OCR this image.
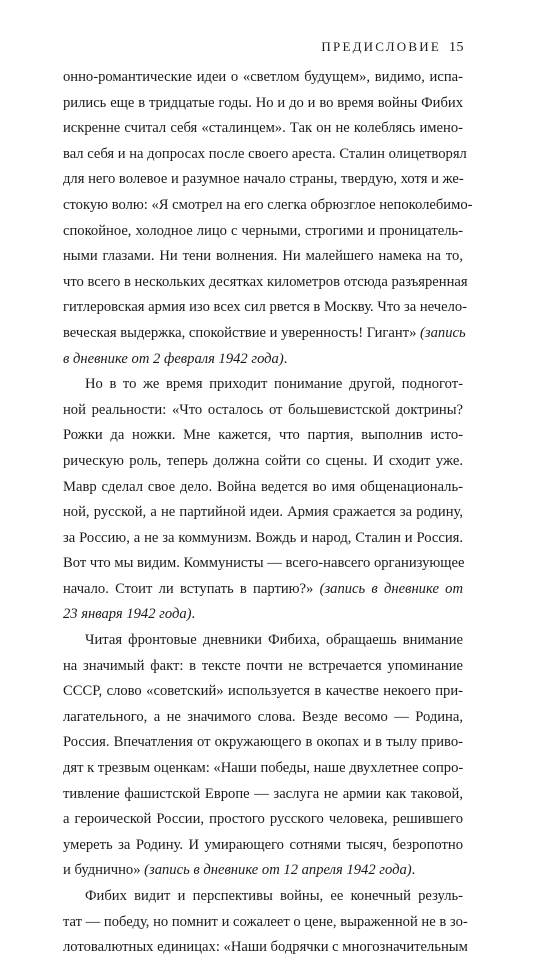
ПРЕДИСЛОВИЕ 15
онно-романтические идеи о «светлом будущем», видимо, испа-
рились еще в тридцатые годы. Но и до и во время войны Фибих
искренне считал себя «сталинцем». Так он не колеблясь имено-
вал себя и на допросах после своего ареста. Сталин олицетворял
для него волевое и разумное начало страны, твердую, хотя и же-
стокую волю: «Я смотрел на его слегка обрюзглое непоколебимо-
спокойное, холодное лицо с черными, строгими и проницатель-
ными глазами. Ни тени волнения. Ни малейшего намека на то,
что всего в нескольких десятках километров отсюда разъяренная
гитлеровская армия изо всех сил рвется в Москву. Что за нечело-
веческая выдержка, спокойствие и уверенность! Гигант» (запись
в дневнике от 2 февраля 1942 года).
Но в то же время приходит понимание другой, подногот-
ной реальности: «Что осталось от большевистской доктрины?
Рожки да ножки. Мне кажется, что партия, выполнив исто-
рическую роль, теперь должна сойти со сцены. И сходит уже.
Мавр сделал свое дело. Война ведется во имя общенациональ-
ной, русской, а не партийной идеи. Армия сражается за родину,
за Россию, а не за коммунизм. Вождь и народ, Сталин и Россия.
Вот что мы видим. Коммунисты — всего-навсего организующее
начало. Стоит ли вступать в партию?» (запись в дневнике от
23 января 1942 года).
Читая фронтовые дневники Фибиха, обращаешь внимание
на значимый факт: в тексте почти не встречается упоминание
СССР, слово «советский» используется в качестве некоего при-
лагательного, а не значимого слова. Везде весомо — Родина,
Россия. Впечатления от окружающего в окопах и в тылу приво-
дят к трезвым оценкам: «Наши победы, наше двухлетнее сопро-
тивление фашистской Европе — заслуга не армии как таковой,
а героической России, простого русского человека, решившего
умереть за Родину. И умирающего сотнями тысяч, безропотно
и буднично» (запись в дневнике от 12 апреля 1942 года).
Фибих видит и перспективы войны, ее конечный резуль-
тат — победу, но помнит и сожалеет о цене, выраженной не в зо-
лотовалютных единицах: «Наши бодрячки с многозначительным
